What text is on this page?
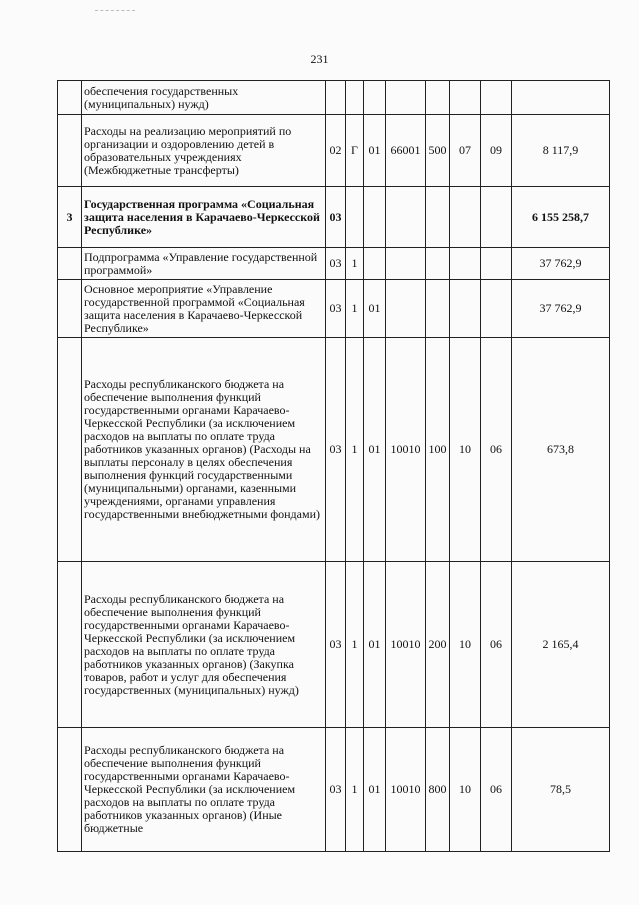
231
	обеспечения государственных (муниципальных) нужд)								
	Расходы на реализацию мероприятий по организации и оздоровлению детей в образовательных учреждениях (Межбюджетные трансферты)	02	Г	01	66001	500	07	09	8 117,9
3	Государственная программа «Социальная защита населения в Карачаево-Черкесской Республике»	03							6 155 258,7
	Подпрограмма «Управление государственной программой»	03	1						37 762,9
	Основное мероприятие «Управление государственной программой «Социальная защита населения в Карачаево-Черкесской Республике»	03	1	01					37 762,9
	Расходы республиканского бюджета на обеспечение выполнения функций государственными органами Карачаево-Черкесской Республики (за исключением расходов на выплаты по оплате труда работников указанных органов) (Расходы на выплаты персоналу в целях обеспечения выполнения функций государственными (муниципальными) органами, казенными учреждениями, органами управления государственными внебюджетными фондами)	03	1	01	10010	100	10	06	673,8
	Расходы республиканского бюджета на обеспечение выполнения функций государственными органами Карачаево-Черкесской Республики (за исключением расходов на выплаты по оплате труда работников указанных органов) (Закупка товаров, работ и услуг для обеспечения государственных (муниципальных) нужд)	03	1	01	10010	200	10	06	2 165,4
	Расходы республиканского бюджета на обеспечение выполнения функций государственными органами Карачаево-Черкесской Республики (за исключением расходов на выплаты по оплате труда работников указанных органов) (Иные бюджетные	03	1	01	10010	800	10	06	78,5
